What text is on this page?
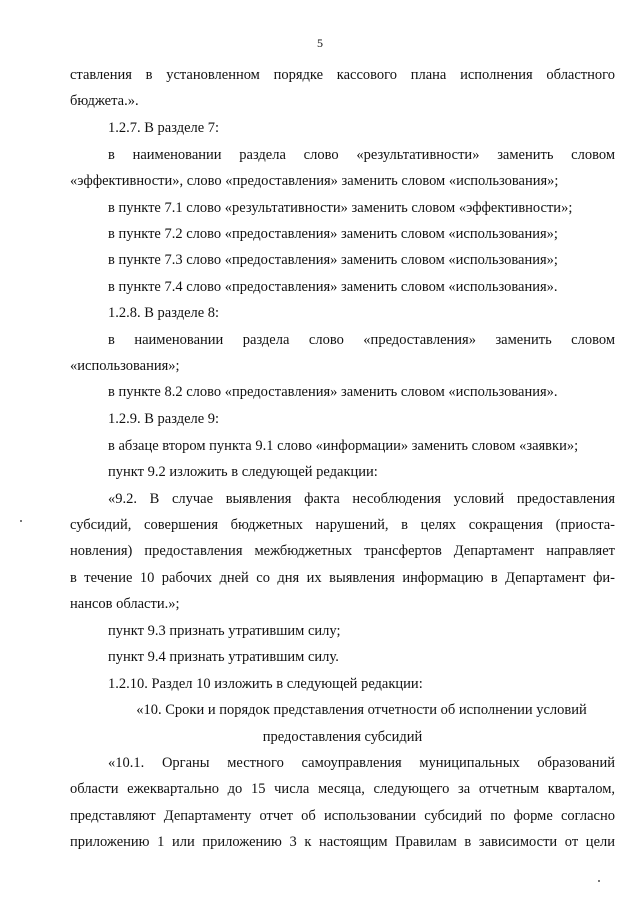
5
ставления в установленном порядке кассового плана исполнения областного
бюджета.».
1.2.7. В разделе 7:
в наименовании раздела слово «результативности» заменить словом
«эффективности», слово «предоставления» заменить словом «использования»;
в пункте 7.1 слово «результативности» заменить словом «эффективности»;
в пункте 7.2 слово «предоставления» заменить словом «использования»;
в пункте 7.3 слово «предоставления» заменить словом «использования»;
в пункте 7.4 слово «предоставления» заменить словом «использования».
1.2.8. В разделе 8:
в наименовании раздела слово «предоставления» заменить словом
«использования»;
в пункте 8.2 слово «предоставления» заменить словом «использования».
1.2.9. В разделе 9:
в абзаце втором пункта 9.1 слово «информации» заменить словом «заявки»;
пункт 9.2 изложить в следующей редакции:
«9.2. В случае выявления факта несоблюдения условий предоставления
субсидий, совершения бюджетных нарушений, в целях сокращения (приоста-
новления) предоставления межбюджетных трансфертов Департамент направляет
в течение 10 рабочих дней со дня их выявления информацию в Департамент фи-
нансов области.»;
пункт 9.3 признать утратившим силу;
пункт 9.4 признать утратившим силу.
1.2.10. Раздел 10 изложить в следующей редакции:
«10. Сроки и порядок представления отчетности об исполнении условий
предоставления субсидий
«10.1. Органы местного самоуправления муниципальных образований
области ежеквартально до 15 числа месяца, следующего за отчетным кварталом,
представляют Департаменту отчет об использовании субсидий по форме согласно
приложению 1 или приложению 3 к настоящим Правилам в зависимости от цели
